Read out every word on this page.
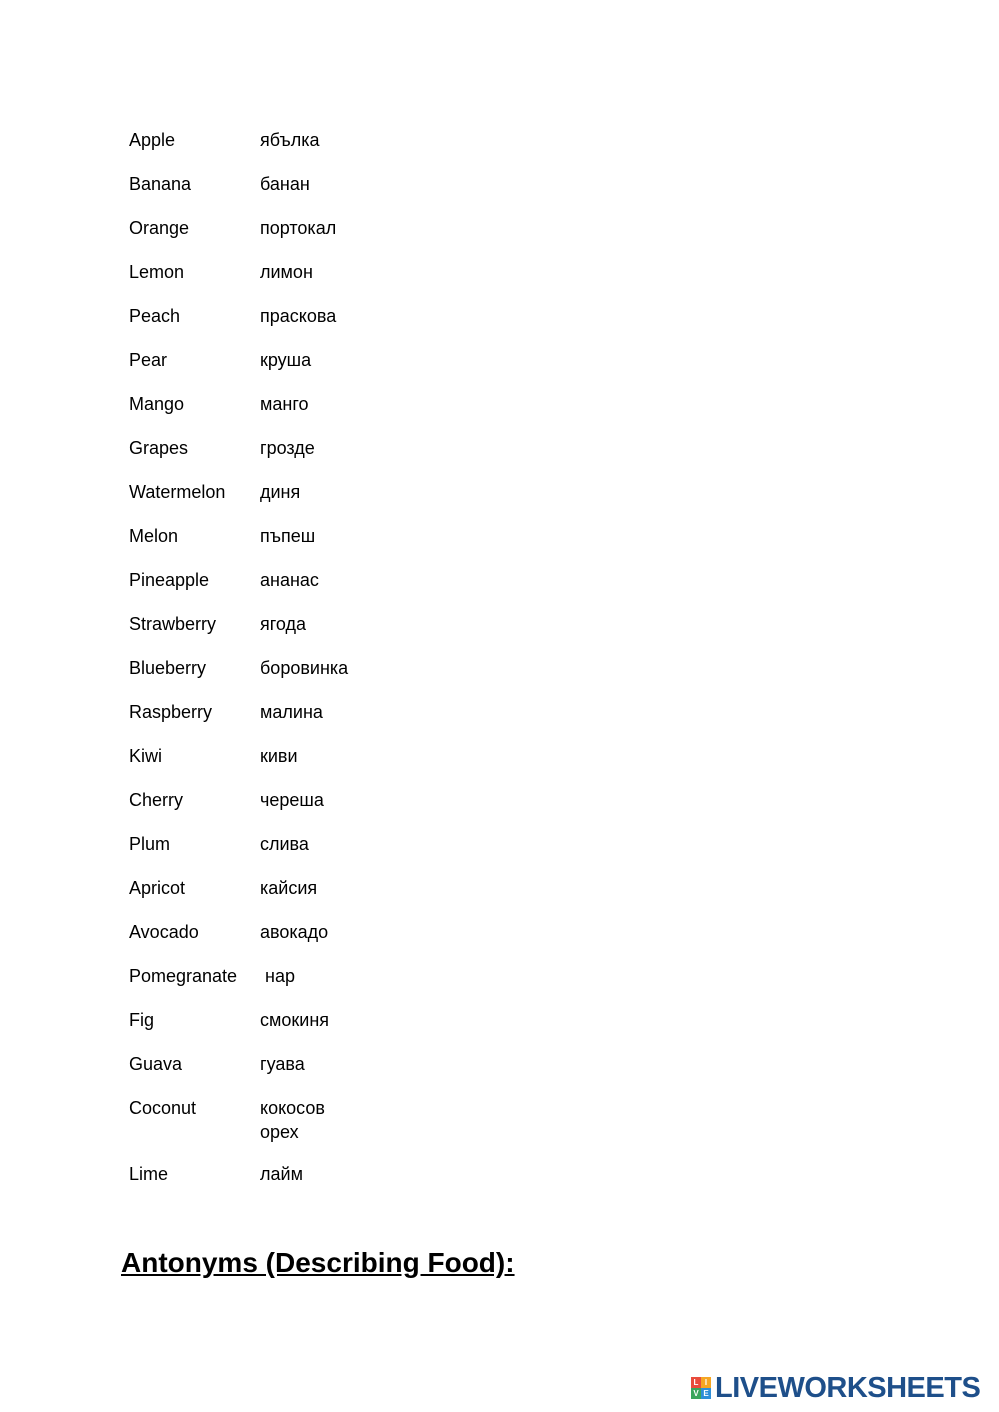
Apple	ябълка
Banana	банан
Orange	портокал
Lemon	лимон
Peach	праскова
Pear	круша
Mango	манго
Grapes	грозде
Watermelon диня
Melon	пъпеш
Pineapple	ананас
Strawberry ягода
Blueberry	боровинка
Raspberry	малина
Kiwi	киви
Cherry	череша
Plum	слива
Apricot	кайсия
Avocado	авокадо
Pomegranate нар
Fig	смокиня
Guava	гуава
Coconut	кокосов орех
Lime	лайм
Antonyms (Describing Food):
L I
V E LIVEWORKSHEETS
